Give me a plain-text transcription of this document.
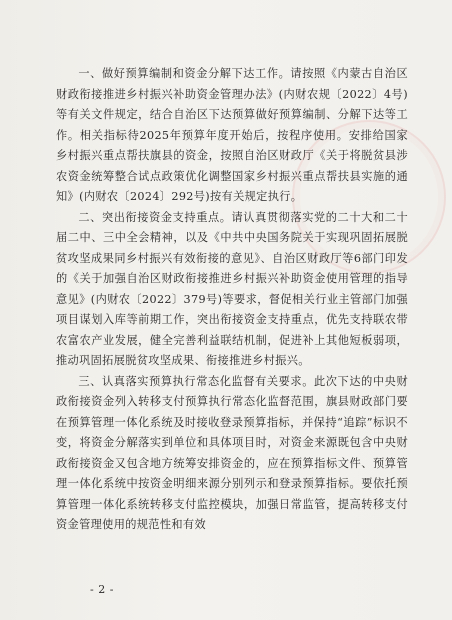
一、做好预算编制和资金分解下达工作。请按照《内蒙古自治区财政衔接推进乡村振兴补助资金管理办法》(内财农规〔2022〕4号)等有关文件规定，结合自治区下达预算做好预算编制、分解下达等工作。相关指标待2025年预算年度开始后，按程序使用。安排给国家乡村振兴重点帮扶旗县的资金，按照自治区财政厅《关于将脱贫县涉农资金统筹整合试点政策优化调整国家乡村振兴重点帮扶县实施的通知》(内财农〔2024〕292号)按有关规定执行。

二、突出衔接资金支持重点。请认真贯彻落实党的二十大和二十届二中、三中全会精神，以及《中共中央国务院关于实现巩固拓展脱贫攻坚成果同乡村振兴有效衔接的意见》、自治区财政厅等6部门印发的《关于加强自治区财政衔接推进乡村振兴补助资金使用管理的指导意见》(内财农〔2022〕379号)等要求，督促相关行业主管部门加强项目谋划入库等前期工作，突出衔接资金支持重点，优先支持联农带农富农产业发展，健全完善利益联结机制，促进补上其他短板弱项，推动巩固拓展脱贫攻坚成果、衔接推进乡村振兴。

三、认真落实预算执行常态化监督有关要求。此次下达的中央财政衔接资金列入转移支付预算执行常态化监督范围，旗县财政部门要在预算管理一体化系统及时接收登录预算指标，并保持“追踪”标识不变，将资金分解落实到单位和具体项目时，对资金来源既包含中央财政衔接资金又包含地方统筹安排资金的，应在预算指标文件、预算管理一体化系统中按资金明细来源分别列示和登录预算指标。要依托预算管理一体化系统转移支付监控模块，加强日常监管，提高转移支付资金管理使用的规范性和有效

- 2 -
